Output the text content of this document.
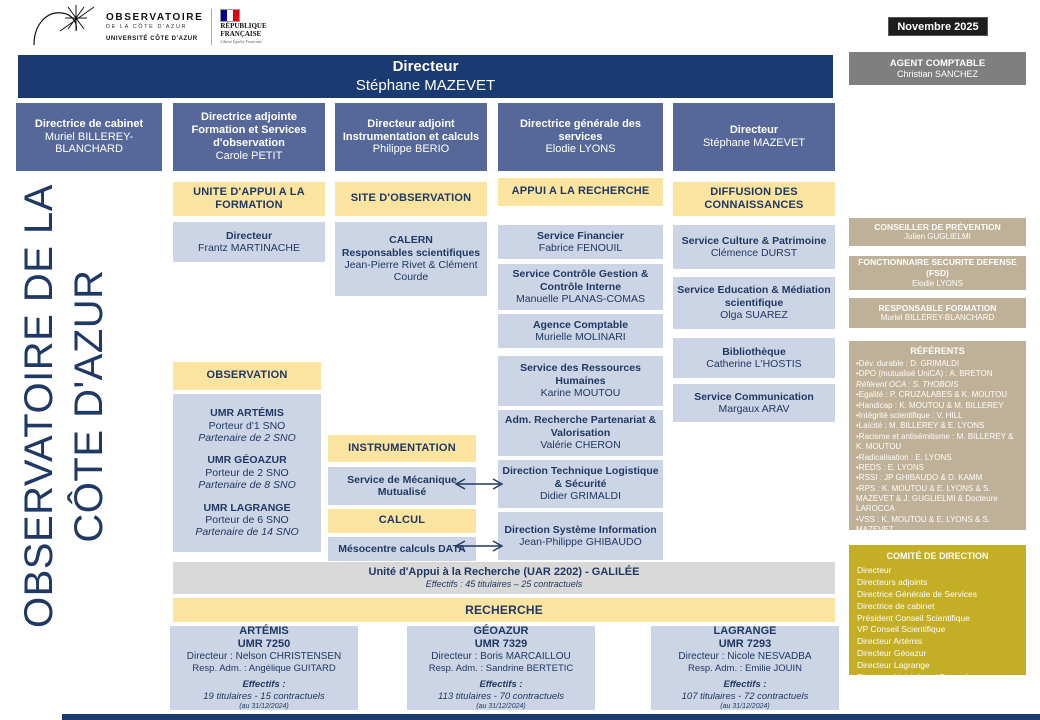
OBSERVATOIRE
DE LA CÔTE D'AZUR
UNIVERSITÉ CÔTE D'AZUR
RÉPUBLIQUE FRANÇAISE
Liberté Égalité Fraternité
Novembre 2025
OBSERVATOIRE DE LA CÔTE D'AZUR
Directeur
Stéphane MAZEVET
AGENT COMPTABLE
Christian SANCHEZ
Directrice de cabinet
Muriel BILLEREY-BLANCHARD
Directrice adjointe Formation et Services d'observation
Carole PETIT
Directeur adjoint Instrumentation et calculs
Philippe BERIO
Directrice générale des services
Elodie LYONS
Directeur
Stéphane MAZEVET
UNITE D'APPUI A LA FORMATION
SITE D'OBSERVATION
APPUI A LA RECHERCHE	DIFFUSION DES CONNAISSANCES
Directeur
Frantz MARTINACHE
CALERN
Responsables scientifiques
Jean-Pierre Rivet & Clément Courde
Service Financier
Fabrice FENOUIL
Service Contrôle Gestion & Contrôle Interne
Manuelle PLANAS-COMAS
Agence Comptable
Murielle MOLINARI
Service des Ressources Humaines
Karine MOUTOU
Adm. Recherche Partenariat & Valorisation
Valérie CHERON
Direction Technique Logistique & Sécurité
Didier GRIMALDI
Direction Système Information
Jean-Philippe GHIBAUDO
Service Culture & Patrimoine
Clémence DURST
Service Education & Médiation scientifique
Olga SUAREZ
Bibliothèque
Catherine L'HOSTIS
Service Communication
Margaux ARAV
OBSERVATION
UMR ARTÉMIS
Porteur d'1 SNO
Partenaire de 2 SNO
UMR GÉOAZUR
Porteur de 2 SNO
Partenaire de 8 SNO
UMR LAGRANGE
Porteur de 6 SNO
Partenaire de 14 SNO
INSTRUMENTATION
Service de Mécanique Mutualisé
CALCUL
Mésocentre calculs DATA
Unité d'Appui à la Recherche (UAR 2202) - GALILÉE
Effectifs : 45 titulaires – 25 contractuels
RECHERCHE
ARTÉMIS
UMR 7250
Directeur : Nelson CHRISTENSEN
Resp. Adm. : Angélique GUITARD
Effectifs :
19 titulaires - 15 contractuels
(au 31/12/2024)
GÉOAZUR
UMR 7329
Directeur : Boris MARCAILLOU
Resp. Adm. : Sandrine BERTETIC
Effectifs :
113 titulaires - 70 contractuels
(au 31/12/2024)
LAGRANGE
UMR 7293
Directeur : Nicole NESVADBA
Resp. Adm. : Emilie JOUIN
Effectifs :
107 titulaires - 72 contractuels
(au 31/12/2024)
CONSEILLER DE PRÉVENTION
Julien GUGLIELMI
FONCTIONNAIRE SECURITE DEFENSE (FSD)
Elodie LYONS
RESPONSABLE FORMATION
Muriel BILLEREY-BLANCHARD
RÉFÉRENTS
•Dév. durable : D. GRIMALDI
•DPO (mutualisé UniCA) : A. BRETON
Référent OCA : S. THOBOIS
•Egalité : P. CRUZALABES & K. MOUTOU
•Handicap : K. MOUTOU & M. BILLEREY
•Intégrité scientifique : V. HILL
•Laïcité : M. BILLEREY & E. LYONS
•Racisme et antisémitisme : M. BILLEREY & K. MOUTOU
•Radicalisation : E. LYONS
•REDS : E. LYONS
•RSSI : JP GHIBAUDO & D. KAMM
•RPS : K. MOUTOU & E. LYONS & S. MAZEVET & J. GUGLIELMI & Docteure LAROCCA
•VSS : K. MOUTOU & E. LYONS & S. MAZEVET
COMITÉ DE DIRECTION
Directeur
Directeurs adjoints
Directrice Générale de Services
Directrice de cabinet
Président Conseil Scientifique
VP Conseil Scientifique
Directeur Artémis
Directeur Géoazur
Directeur Lagrange
Directeur Unité Appui Formation
